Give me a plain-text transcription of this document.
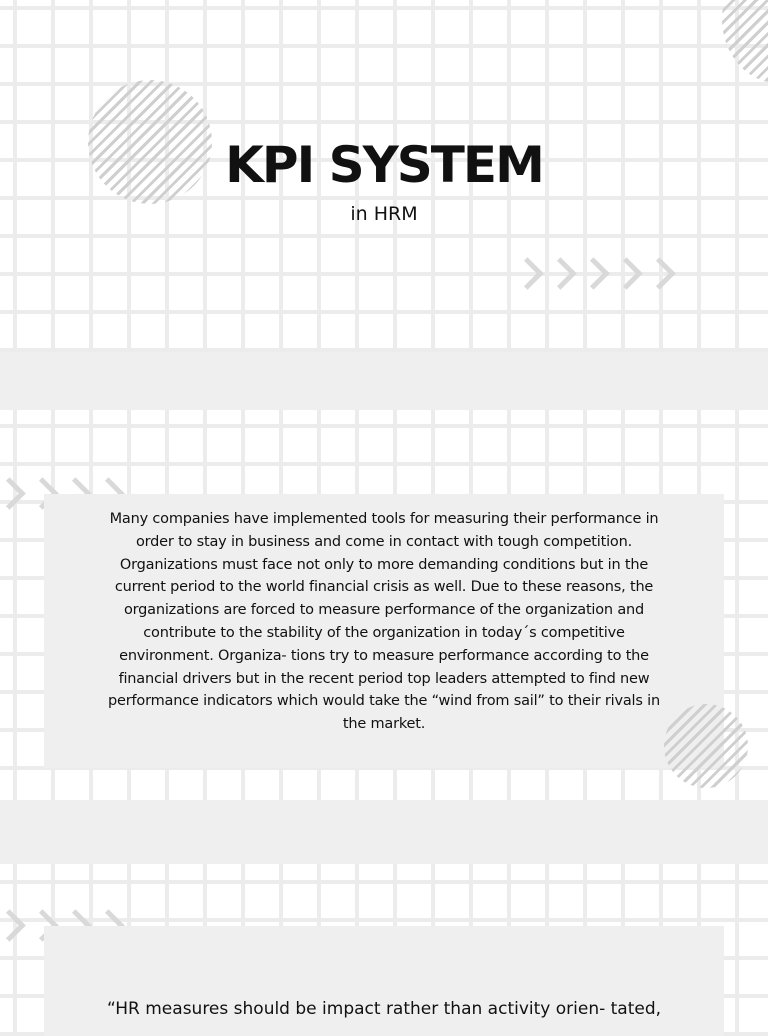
KPI SYSTEM
in HRM

Many companies have implemented tools for measuring their performance in order to stay in business and come in contact with tough competition. Organizations must face not only to more demanding conditions but in the current period to the world financial crisis as well. Due to these reasons, the organizations are forced to measure performance of the organization and contribute to the stability of the organization in today´s competitive environment. Organiza- tions try to measure performance according to the financial drivers but in the recent period top leaders attempted to find new performance indicators which would take the “wind from sail” to their rivals in the market.

“HR measures should be impact rather than activity orien- tated,
